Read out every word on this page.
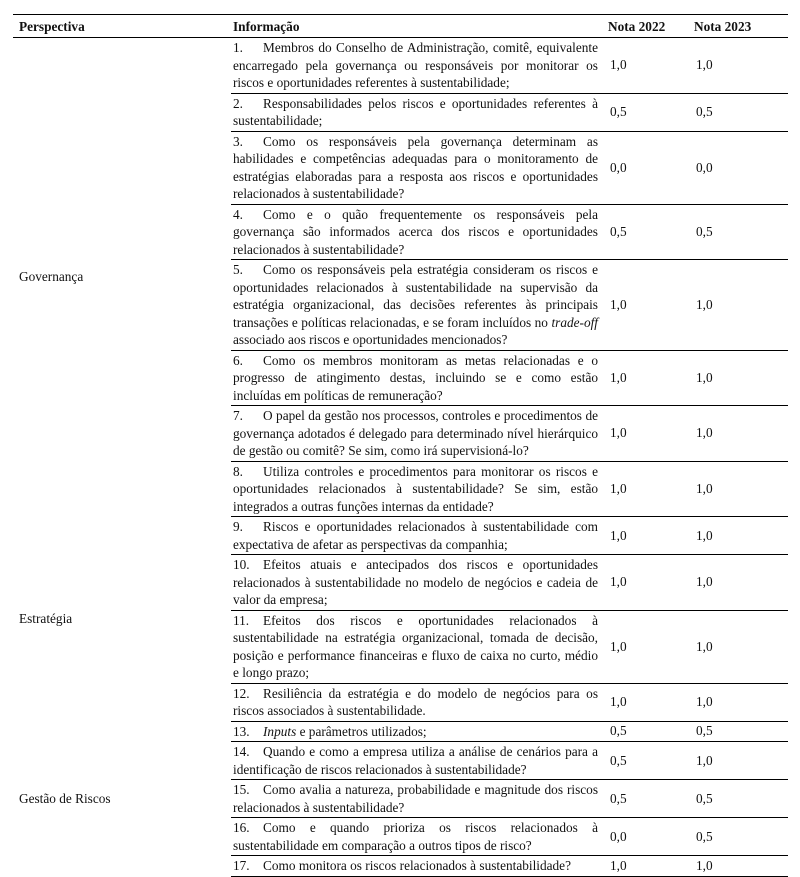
Perspectiva	Informação	Nota 2022	Nota 2023
Governança	1. Membros do Conselho de Administração, comitê, equivalente encarregado pela governança ou responsáveis por monitorar os riscos e oportunidades referentes à sustentabilidade;	1,0	1,0
	2. Responsabilidades pelos riscos e oportunidades referentes à sustentabilidade;	0,5	0,5
	3. Como os responsáveis pela governança determinam as habilidades e competências adequadas para o monitoramento de estratégias elaboradas para a resposta aos riscos e oportunidades relacionados à sustentabilidade?	0,0	0,0
	4. Como e o quão frequentemente os responsáveis pela governança são informados acerca dos riscos e oportunidades relacionados à sustentabilidade?	0,5	0,5
	5. Como os responsáveis pela estratégia consideram os riscos e oportunidades relacionados à sustentabilidade na supervisão da estratégia organizacional, das decisões referentes às principais transações e políticas relacionadas, e se foram incluídos no trade-off associado aos riscos e oportunidades mencionados?	1,0	1,0
	6. Como os membros monitoram as metas relacionadas e o progresso de atingimento destas, incluindo se e como estão incluídas em políticas de remuneração?	1,0	1,0
	7. O papel da gestão nos processos, controles e procedimentos de governança adotados é delegado para determinado nível hierárquico de gestão ou comitê? Se sim, como irá supervisioná-lo?	1,0	1,0
	8. Utiliza controles e procedimentos para monitorar os riscos e oportunidades relacionados à sustentabilidade? Se sim, estão integrados a outras funções internas da entidade?	1,0	1,0
Estratégia	9. Riscos e oportunidades relacionados à sustentabilidade com expectativa de afetar as perspectivas da companhia;	1,0	1,0
	10. Efeitos atuais e antecipados dos riscos e oportunidades relacionados à sustentabilidade no modelo de negócios e cadeia de valor da empresa;	1,0	1,0
	11. Efeitos dos riscos e oportunidades relacionados à sustentabilidade na estratégia organizacional, tomada de decisão, posição e performance financeiras e fluxo de caixa no curto, médio e longo prazo;	1,0	1,0
	12. Resiliência da estratégia e do modelo de negócios para os riscos associados à sustentabilidade.	1,0	1,0
Gestão de Riscos	13. Inputs e parâmetros utilizados;	0,5	0,5
	14. Quando e como a empresa utiliza a análise de cenários para a identificação de riscos relacionados à sustentabilidade?	0,5	1,0
	15. Como avalia a natureza, probabilidade e magnitude dos riscos relacionados à sustentabilidade?	0,5	0,5
	16. Como e quando prioriza os riscos relacionados à sustentabilidade em comparação a outros tipos de risco?	0,0	0,5
	17. Como monitora os riscos relacionados à sustentabilidade?	1,0	1,0
